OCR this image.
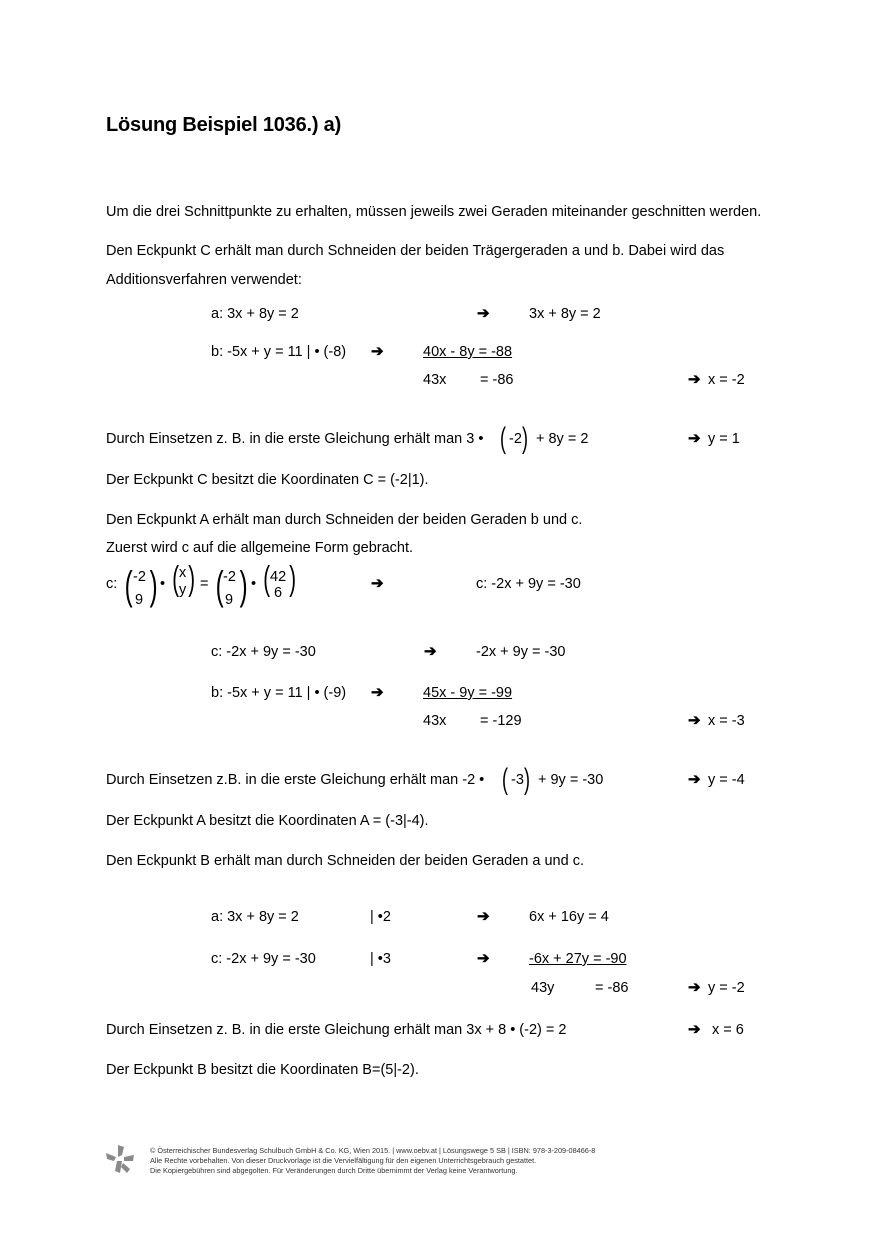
Lösung Beispiel 1036.) a)
Um die drei Schnittpunkte zu erhalten, müssen jeweils zwei Geraden miteinander geschnitten werden.
Den Eckpunkt C erhält man durch Schneiden der beiden Trägergeraden a und b. Dabei wird das
Additionsverfahren verwendet:
a: 3x + 8y = 2	➔	3x + 8y = 2
b: -5x + y = 11 | • (-8) ➔	40x - 8y = -88
43x = -86	➔ x = -2
Durch Einsetzen z. B. in die erste Gleichung erhält man 3 • ( -2 ) + 8y = 2	➔ y = 1
Der Eckpunkt C besitzt die Koordinaten C = (-2|1).
Den Eckpunkt A erhält man durch Schneiden der beiden Geraden b und c.
Zuerst wird c auf die allgemeine Form gebracht.
c: ( -2
9 ) • ( x
y ) = ( -2
9 ) • ( 42
6 )	➔	c: -2x + 9y = -30
c: -2x + 9y = -30	➔	-2x + 9y = -30
b: -5x + y = 11 | • (-9) ➔	45x - 9y = -99
43x = -129	➔ x = -3
Durch Einsetzen z.B. in die erste Gleichung erhält man -2 • ( -3 ) + 9y = -30	➔ y = -4
Der Eckpunkt A besitzt die Koordinaten A = (-3|-4).
Den Eckpunkt B erhält man durch Schneiden der beiden Geraden a und c.
a: 3x + 8y = 2	| •2	➔	6x + 16y = 4
c: -2x + 9y = -30	| •3	➔	-6x + 27y = -90
43y	= -86	➔ y = -2
Durch Einsetzen z. B. in die erste Gleichung erhält man 3x + 8 • (-2) = 2	➔ x = 6
Der Eckpunkt B besitzt die Koordinaten B=(5|-2).
© Österreichischer Bundesverlag Schulbuch GmbH & Co. KG, Wien 2015. | www.oebv.at | Lösungswege 5 SB | ISBN: 978-3-209-08466-8
Alle Rechte vorbehalten. Von dieser Druckvorlage ist die Vervielfältigung für den eigenen Unterrichtsgebrauch gestattet.
Die Kopiergebühren sind abgegolten. Für Veränderungen durch Dritte übernimmt der Verlag keine Verantwortung.
